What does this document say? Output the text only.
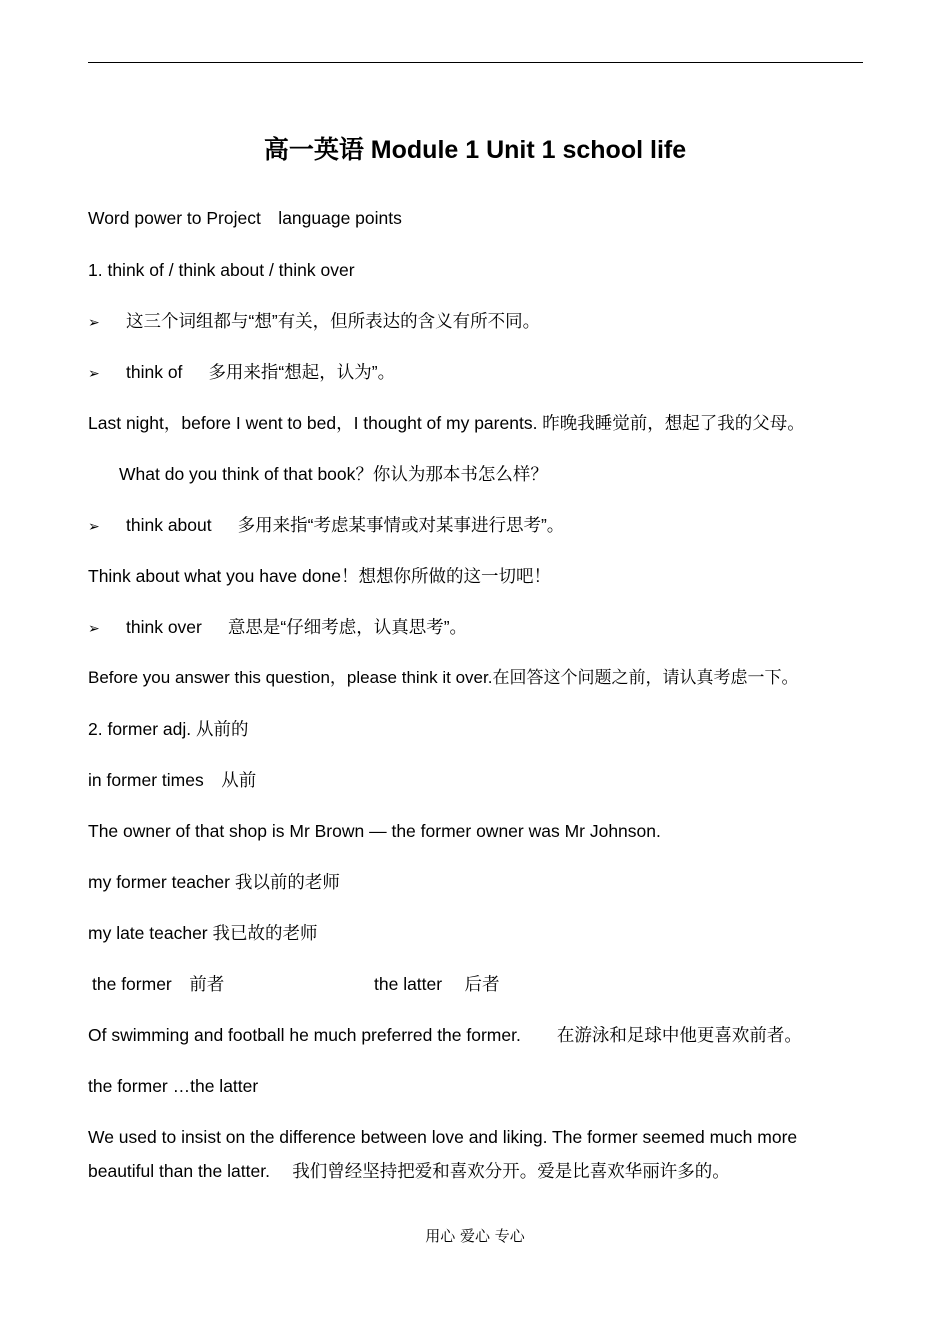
高一英语 Module 1 Unit 1 school life
Word power to Project　language points
1. think of / think about / think over
➢ 这三个词组都与“想”有关，但所表达的含义有所不同。
➢ think of 多用来指“想起，认为”。
Last night，before I went to bed，I thought of my parents. 昨晚我睡觉前，想起了我的父母。
What do you think of that book？你认为那本书怎么样？
➢ think about 多用来指“考虑某事情或对某事进行思考”。
Think about what you have done！想想你所做的这一切吧！
➢ think over 意思是“仔细考虑，认真思考”。
Before you answer this question，please think it over.在回答这个问题之前，请认真考虑一下。
2. former adj. 从前的
in former times　从前
The owner of that shop is Mr Brown — the former owner was Mr Johnson.
my former teacher 我以前的老师
my late teacher 我已故的老师
the former　前者	the latter　 后者
Of swimming and football he much preferred the former. 在游泳和足球中他更喜欢前者。
the former …the latter
We used to insist on the difference between love and liking. The former seemed much more
beautiful than the latter.　 我们曾经坚持把爱和喜欢分开。爱是比喜欢华丽许多的。
用心 爱心 专心
